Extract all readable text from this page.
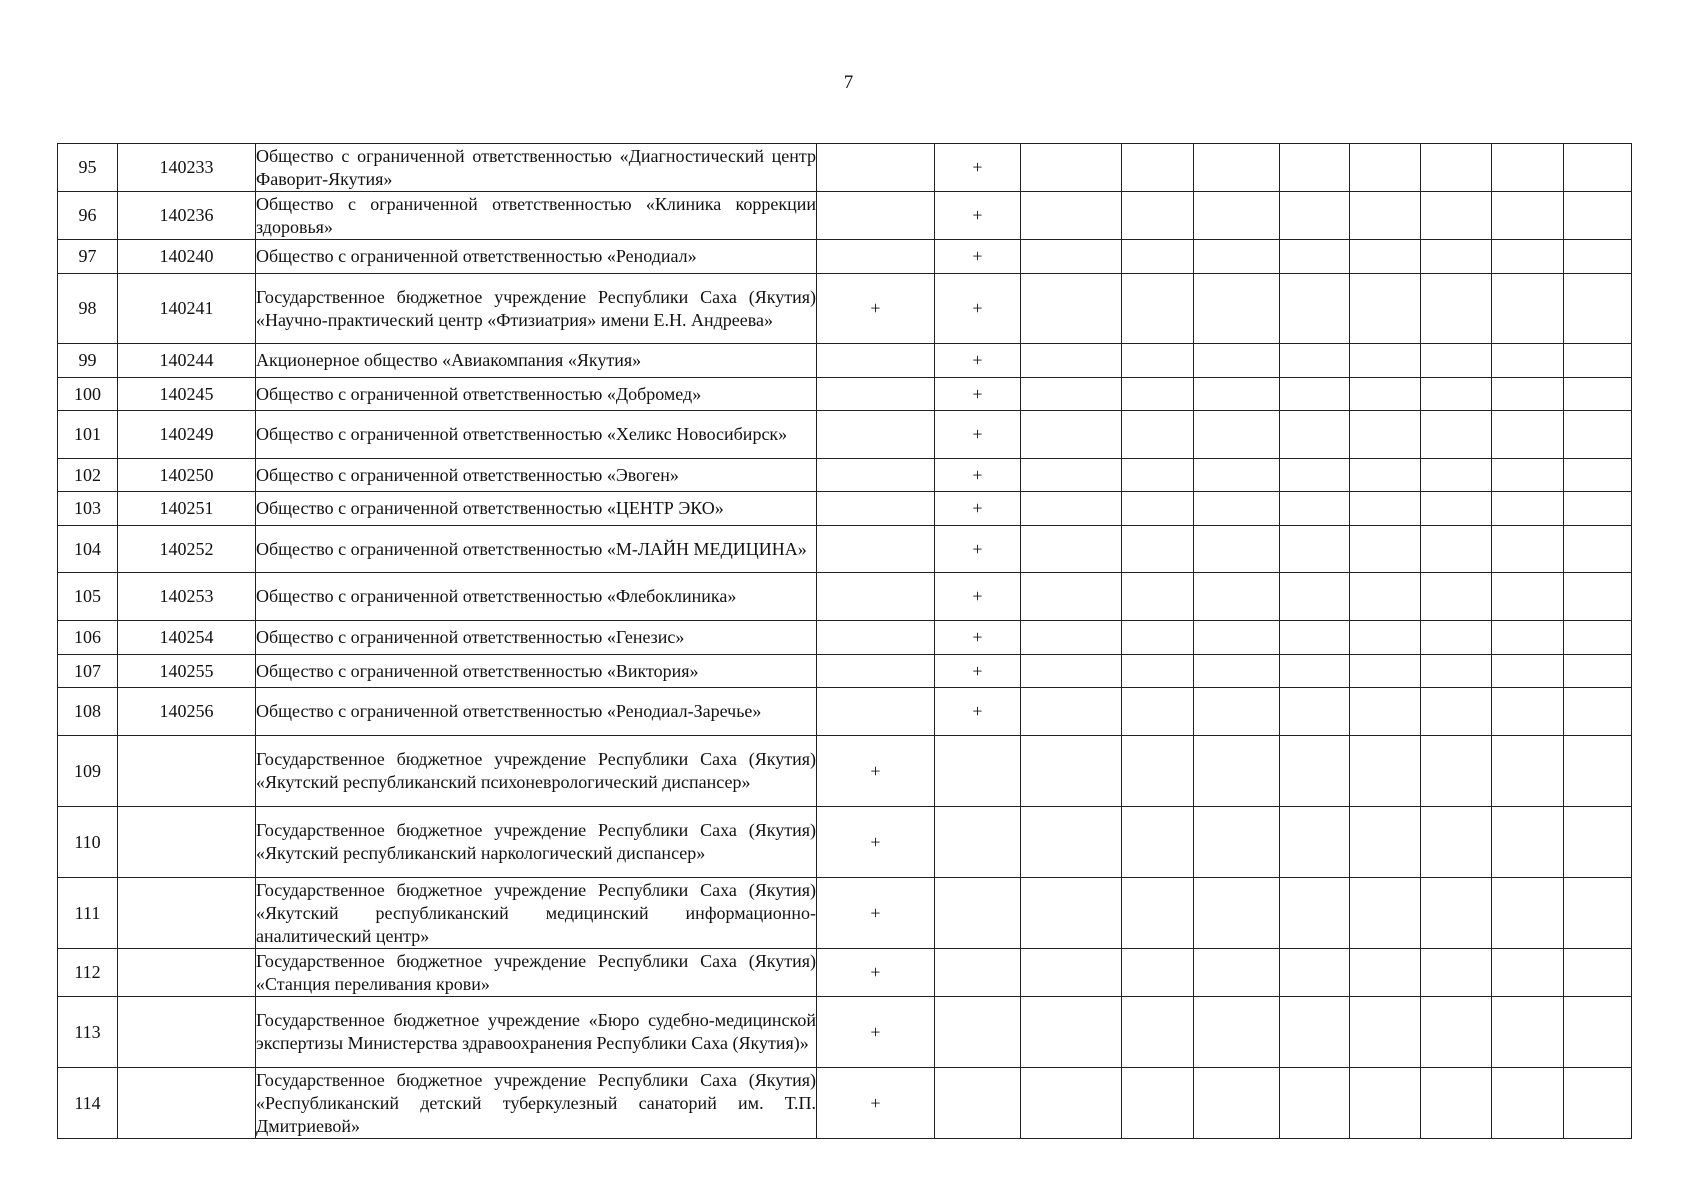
7
95	140233	Общество с ограниченной ответственностью «Диагностический центр Фаворит-Якутия»		+								
96	140236	Общество с ограниченной ответственностью «Клиника коррекции здоровья»		+								
97	140240	Общество с ограниченной ответственностью «Ренодиал»		+								
98	140241	Государственное бюджетное учреждение Республики Саха (Якутия) «Научно-практический центр «Фтизиатрия» имени Е.Н. Андреева»	+	+								
99	140244	Акционерное общество «Авиакомпания «Якутия»		+								
100	140245	Общество с ограниченной ответственностью «Добромед»		+								
101	140249	Общество с ограниченной ответственностью «Хеликс Новосибирск»		+								
102	140250	Общество с ограниченной ответственностью «Эвоген»		+								
103	140251	Общество с ограниченной ответственностью «ЦЕНТР ЭКО»		+								
104	140252	Общество с ограниченной ответственностью «М-ЛАЙН МЕДИЦИНА»		+								
105	140253	Общество с ограниченной ответственностью «Флебоклиника»		+								
106	140254	Общество с ограниченной ответственностью «Генезис»		+								
107	140255	Общество с ограниченной ответственностью «Виктория»		+								
108	140256	Общество с ограниченной ответственностью «Ренодиал-Заречье»		+								
109		Государственное бюджетное учреждение Республики Саха (Якутия) «Якутский республиканский психоневрологический диспансер»	+									
110		Государственное бюджетное учреждение Республики Саха (Якутия) «Якутский республиканский наркологический диспансер»	+									
111		Государственное бюджетное учреждение Республики Саха (Якутия) «Якутский республиканский медицинский информационно-аналитический центр»	+									
112		Государственное бюджетное учреждение Республики Саха (Якутия) «Станция переливания крови»	+									
113		Государственное бюджетное учреждение «Бюро судебно-медицинской экспертизы Министерства здравоохранения Республики Саха (Якутия)»	+									
114		Государственное бюджетное учреждение Республики Саха (Якутия) «Республиканский детский туберкулезный санаторий им. Т.П. Дмитриевой»	+									
